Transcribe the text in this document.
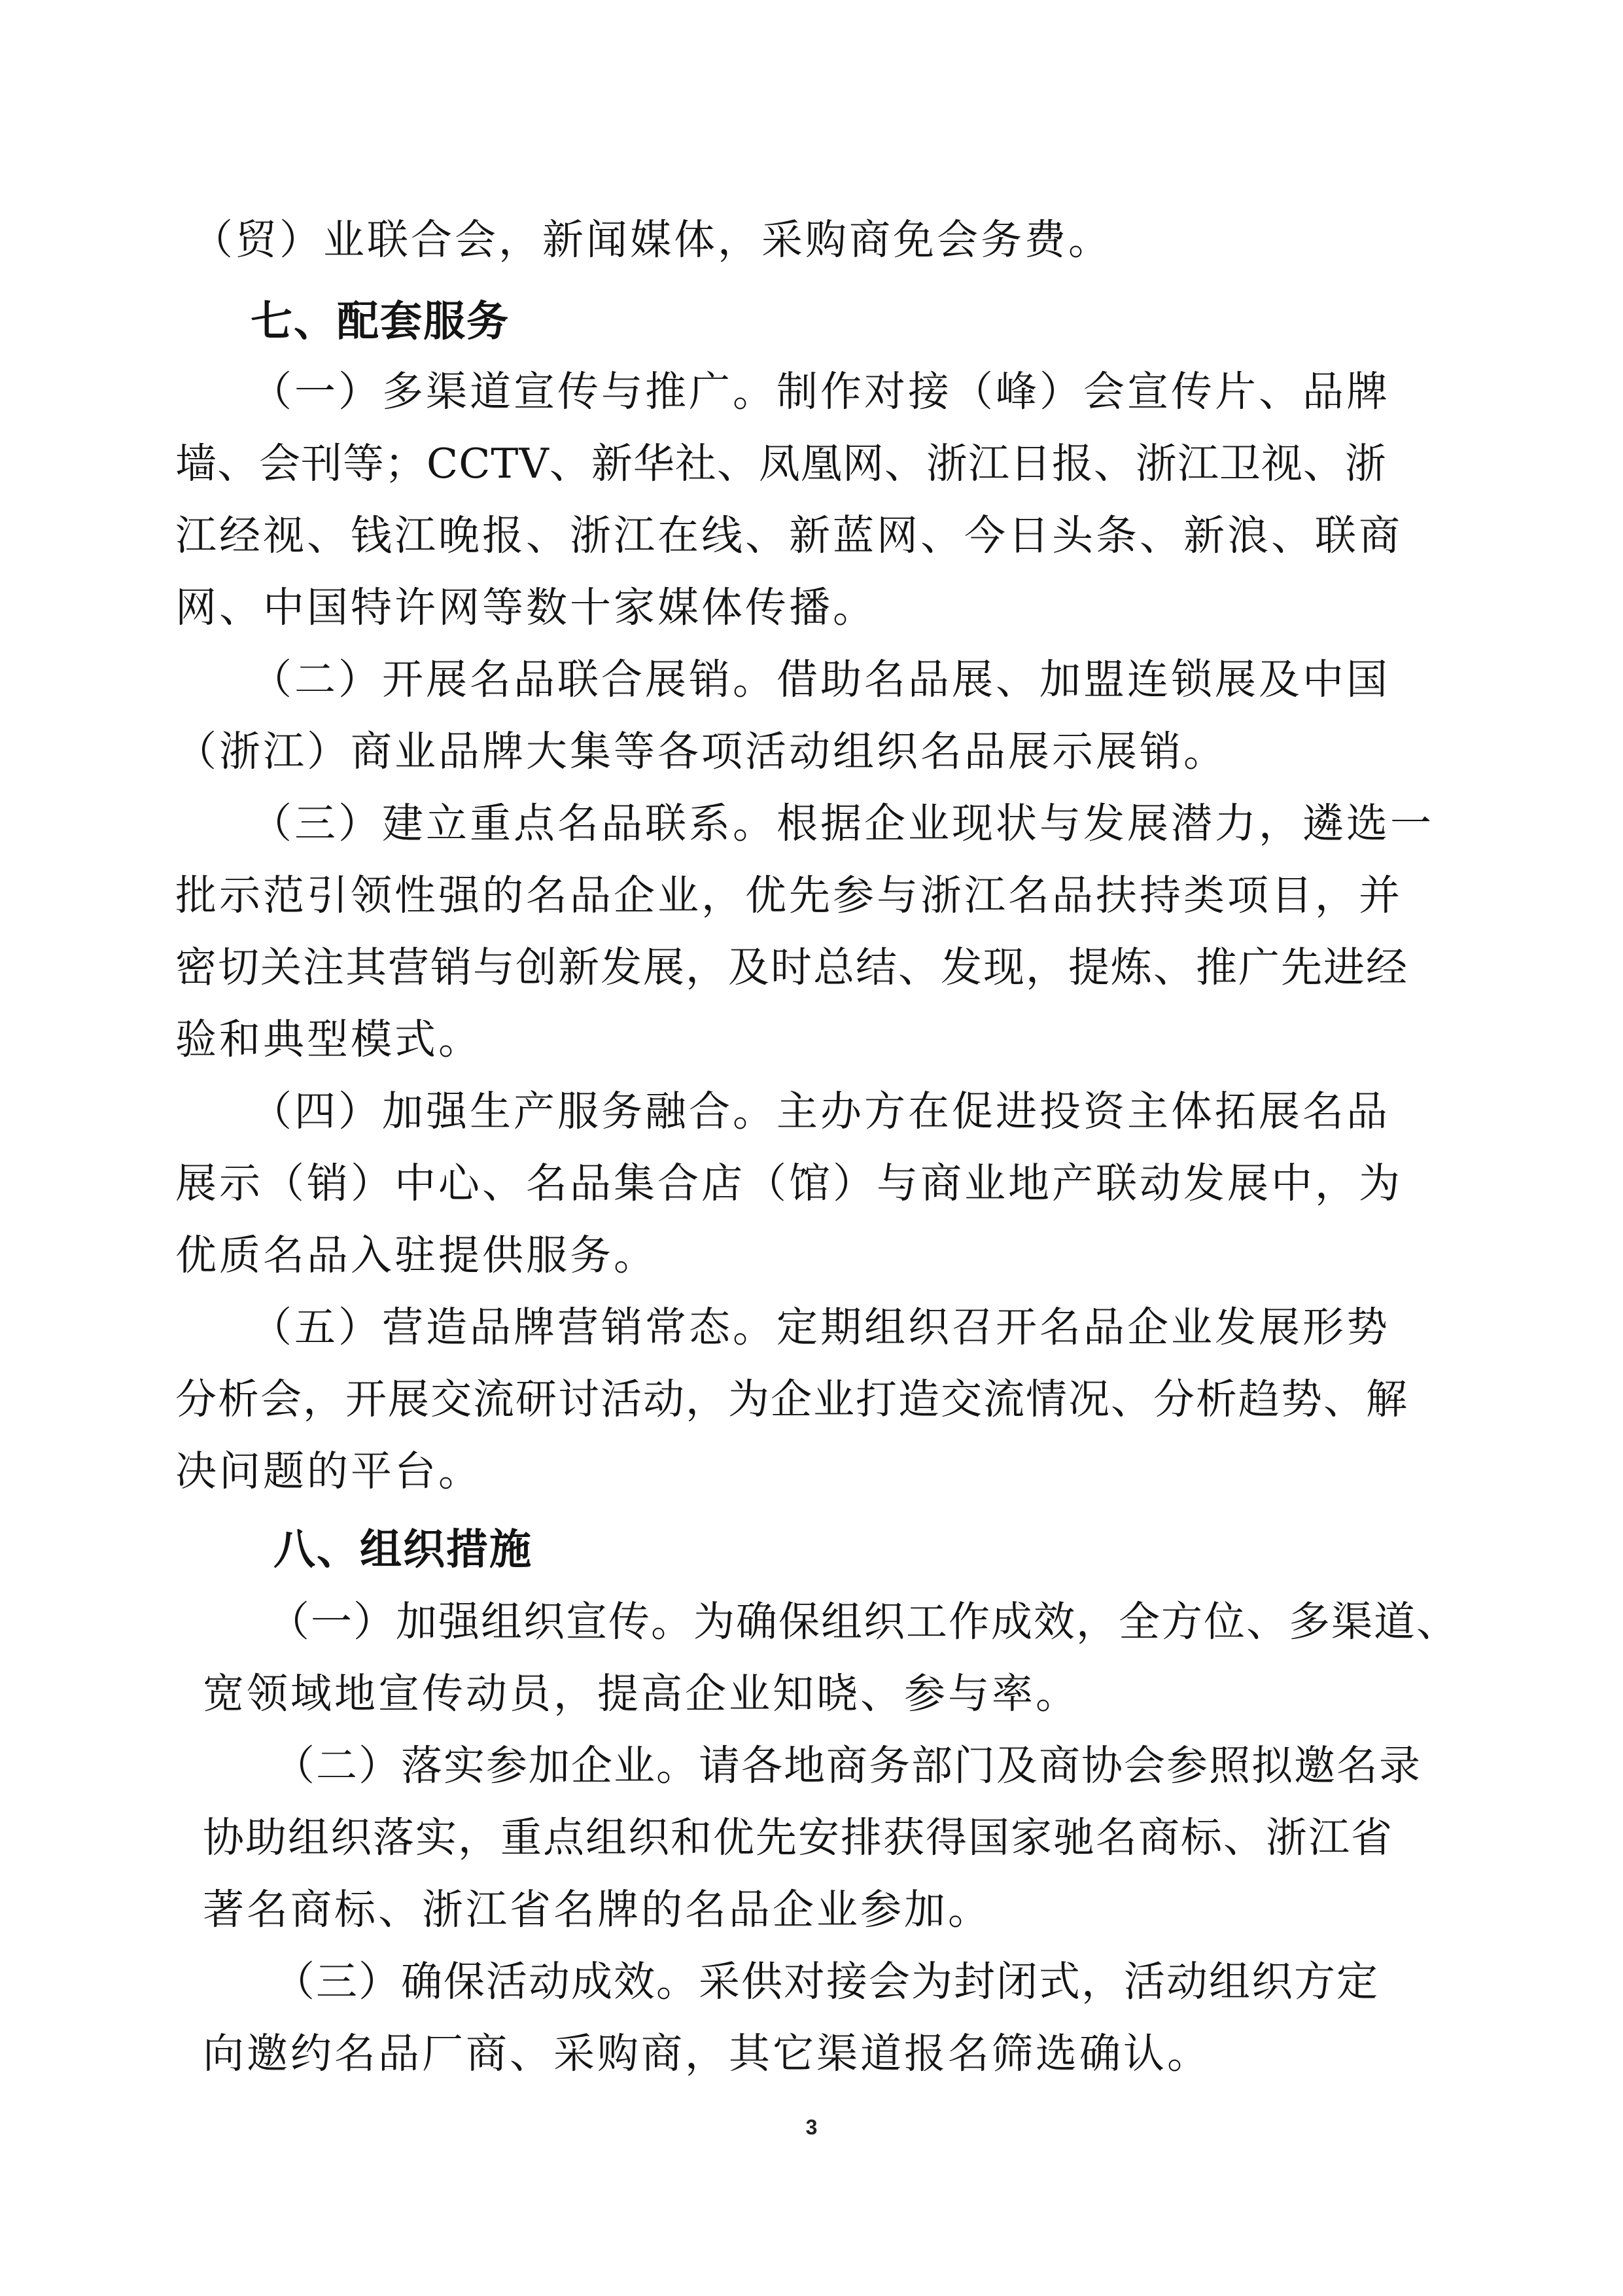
（贸）业联合会，新闻媒体，采购商免会务费。

七、配套服务

（一）多渠道宣传与推广。制作对接（峰）会宣传片、品牌

墙、会刊等；CCTV、新华社、凤凰网、浙江日报、浙江卫视、浙

江经视、钱江晚报、浙江在线、新蓝网、今日头条、新浪、联商

网、中国特许网等数十家媒体传播。

（二）开展名品联合展销。借助名品展、加盟连锁展及中国

（浙江）商业品牌大集等各项活动组织名品展示展销。

（三）建立重点名品联系。根据企业现状与发展潜力，遴选一

批示范引领性强的名品企业，优先参与浙江名品扶持类项目，并

密切关注其营销与创新发展，及时总结、发现，提炼、推广先进经

验和典型模式。

（四）加强生产服务融合。主办方在促进投资主体拓展名品

展示（销）中心、名品集合店（馆）与商业地产联动发展中，为

优质名品入驻提供服务。

（五）营造品牌营销常态。定期组织召开名品企业发展形势

分析会，开展交流研讨活动，为企业打造交流情况、分析趋势、解

决问题的平台。

八、组织措施

（一）加强组织宣传。为确保组织工作成效，全方位、多渠道、

宽领域地宣传动员，提高企业知晓、参与率。

（二）落实参加企业。请各地商务部门及商协会参照拟邀名录

协助组织落实，重点组织和优先安排获得国家驰名商标、浙江省

著名商标、浙江省名牌的名品企业参加。

（三）确保活动成效。采供对接会为封闭式，活动组织方定

向邀约名品厂商、采购商，其它渠道报名筛选确认。

3
